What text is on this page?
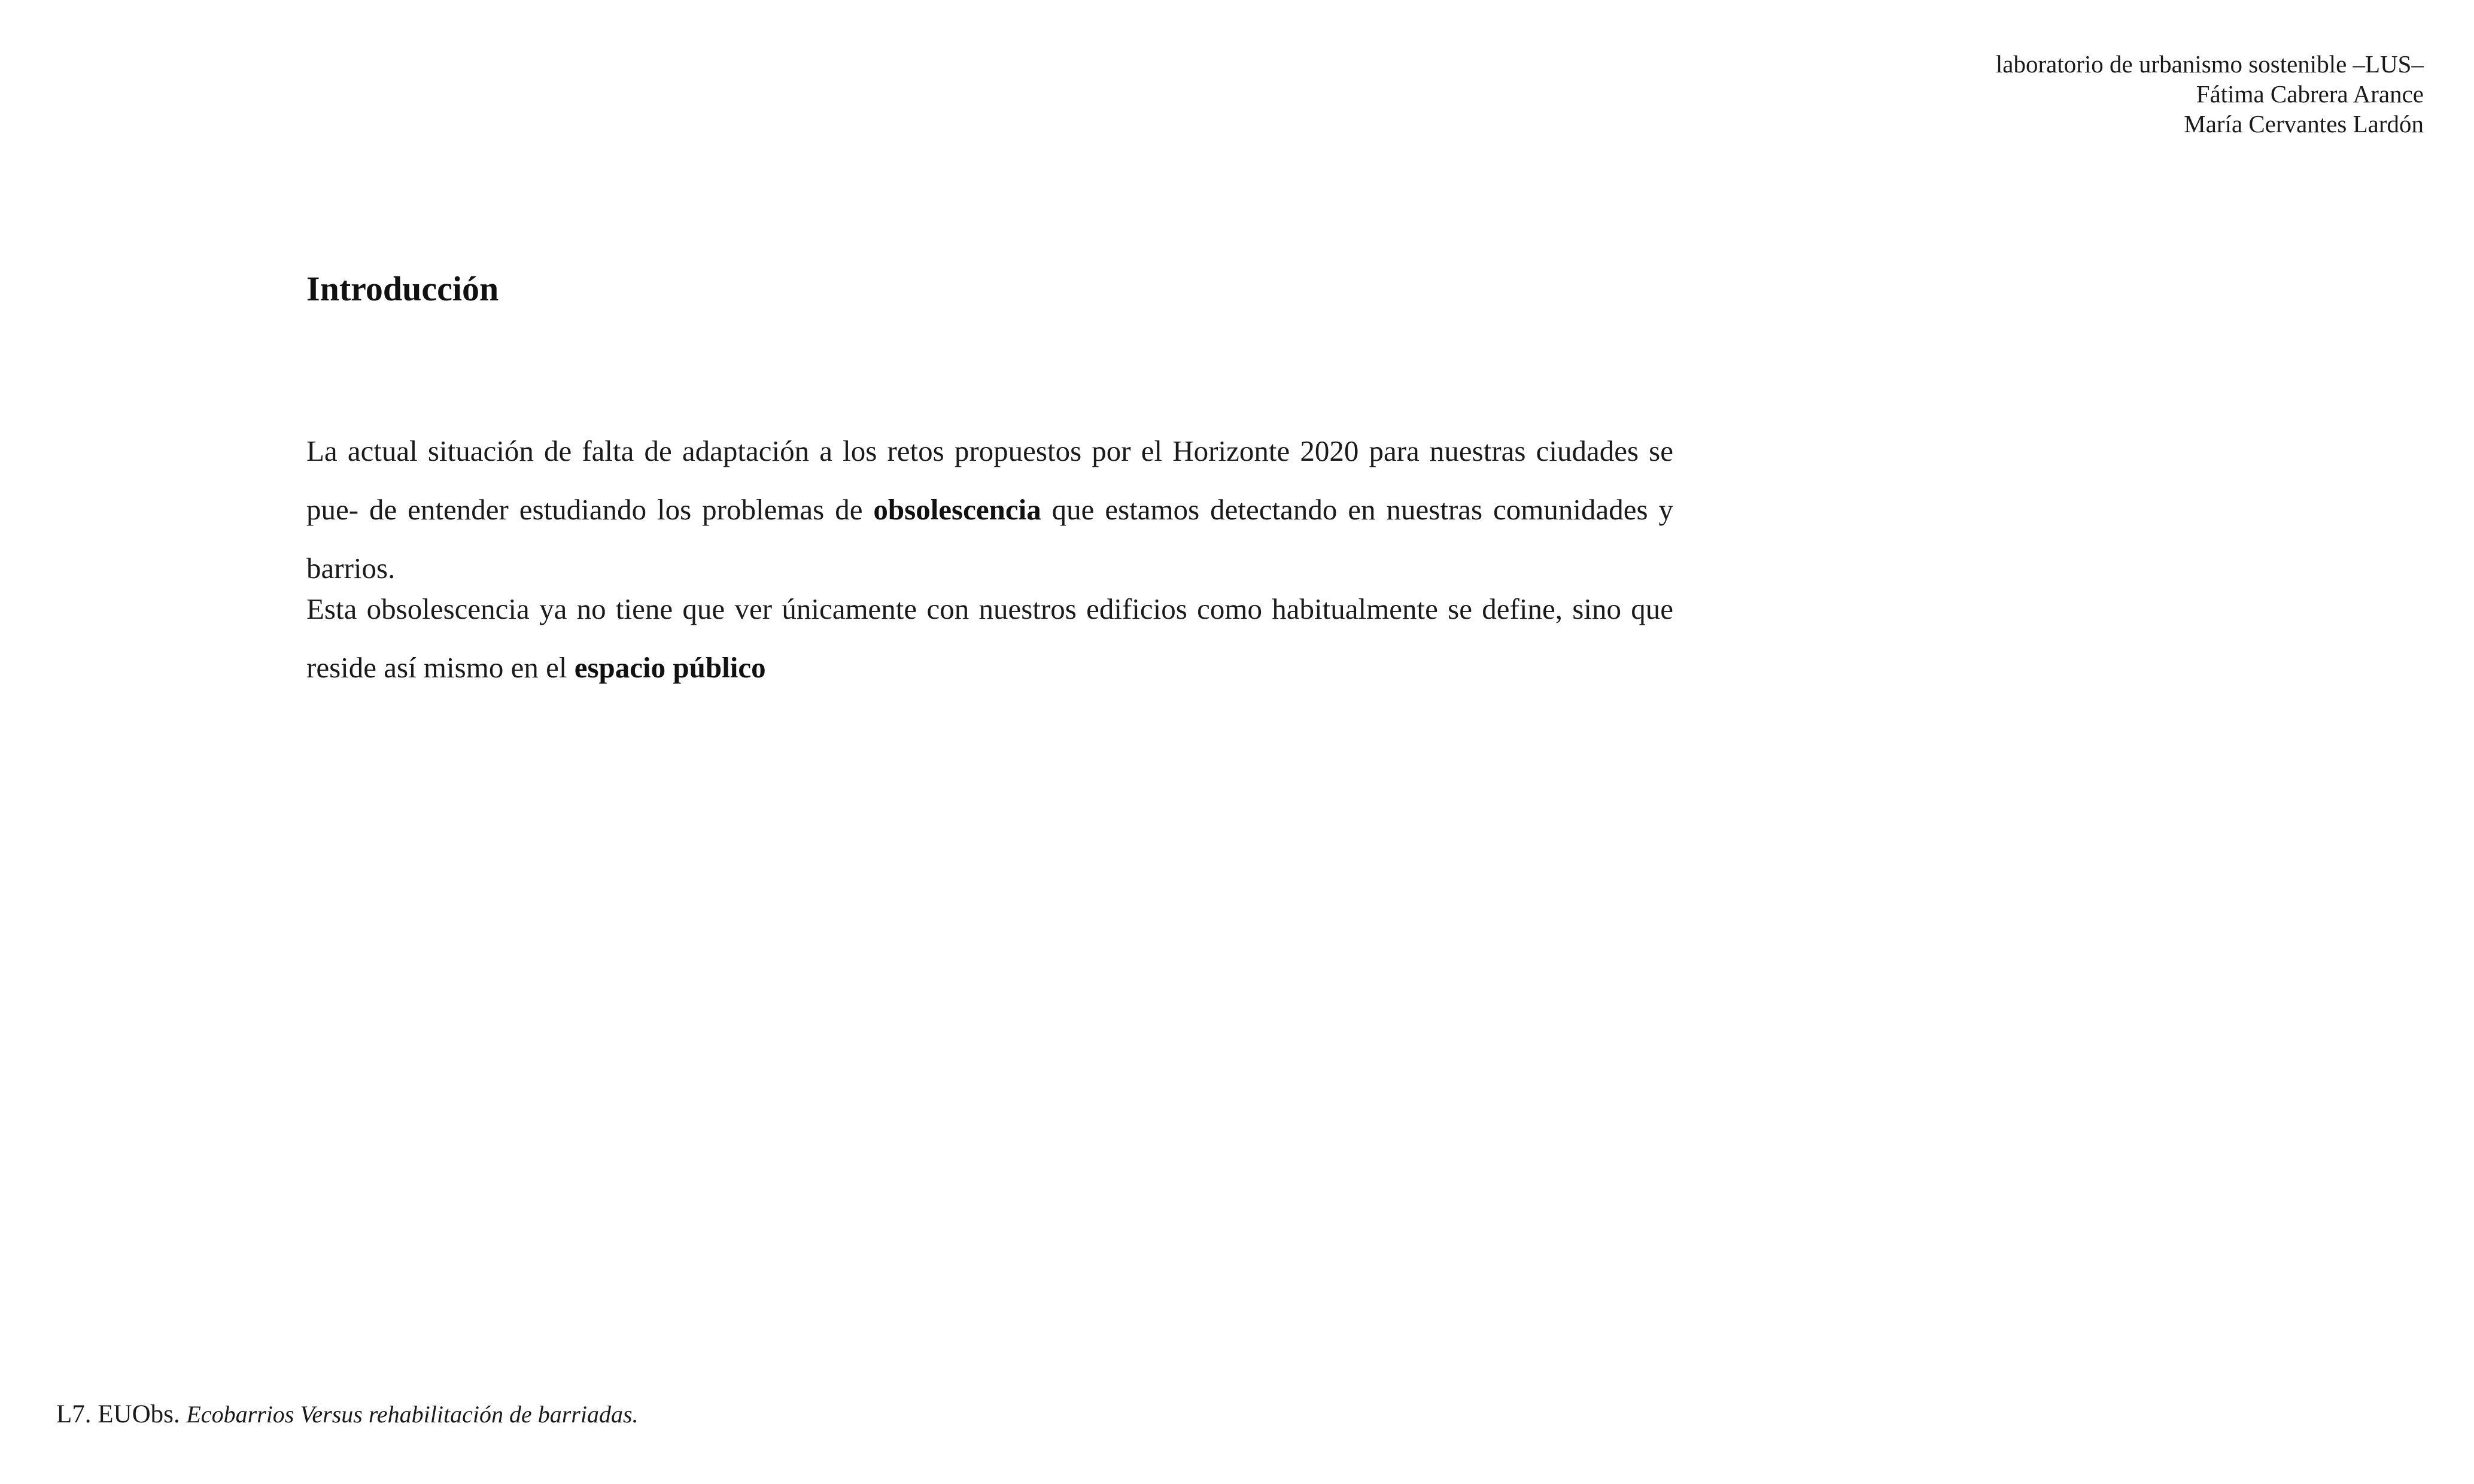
laboratorio de urbanismo sostenible –LUS–
Fátima Cabrera Arance
María Cervantes Lardón
Introducción

La actual situación de falta de adaptación a los retos propuestos por el Horizonte 2020 para nuestras ciudades se pue- de entender estudiando los problemas de obsolescencia que estamos detectando en nuestras comunidades y barrios.

Esta obsolescencia ya no tiene que ver únicamente con nuestros edificios como habitualmente se define, sino que reside así mismo en el espacio público

L7. EUObs. Ecobarrios Versus rehabilitación de barriadas.
